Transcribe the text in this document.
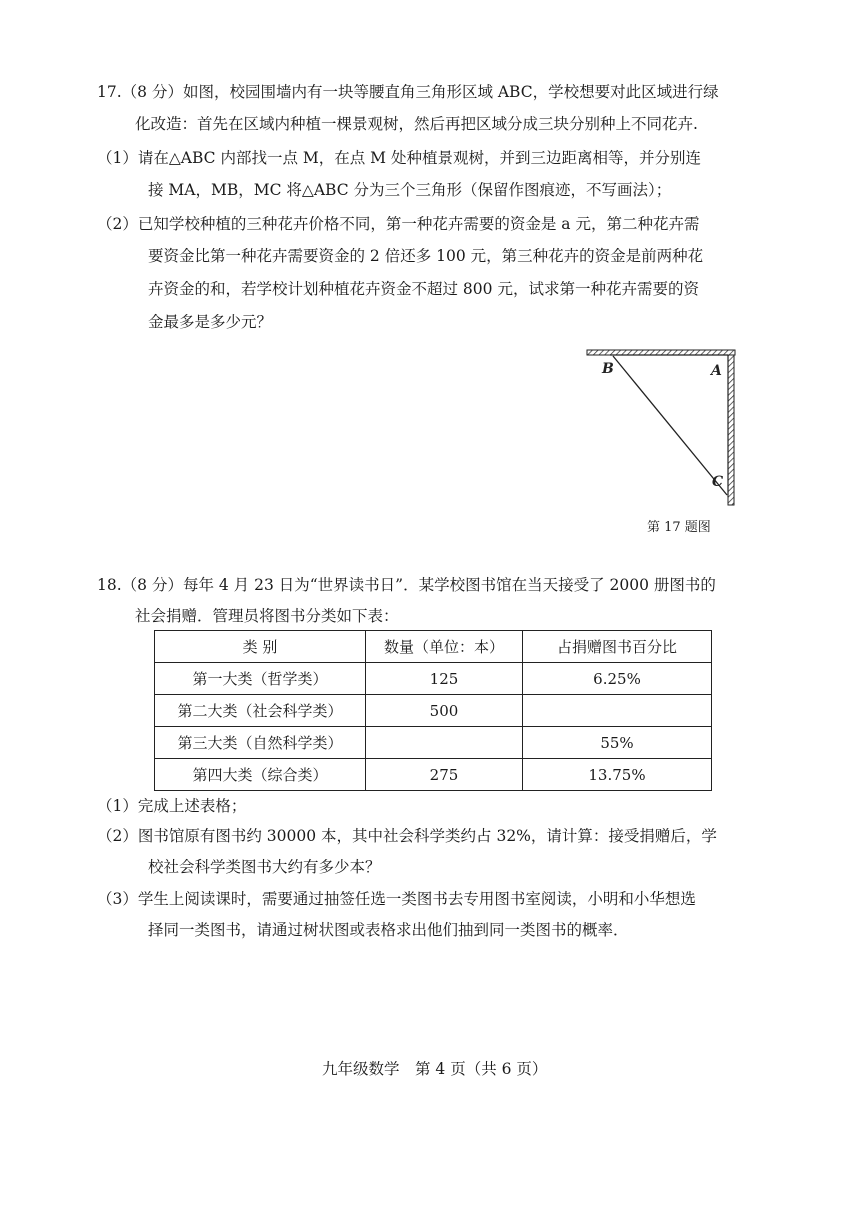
17.（8 分）如图，校园围墙内有一块等腰直角三角形区域 ABC，学校想要对此区域进行绿
化改造：首先在区域内种植一棵景观树，然后再把区域分成三块分别种上不同花卉.
（1）请在△ABC 内部找一点 M，在点 M 处种植景观树，并到三边距离相等，并分别连
接 MA，MB，MC 将△ABC 分为三个三角形（保留作图痕迹，不写画法）；
（2）已知学校种植的三种花卉价格不同，第一种花卉需要的资金是 a 元，第二种花卉需
要资金比第一种花卉需要资金的 2 倍还多 100 元，第三种花卉的资金是前两种花
卉资金的和，若学校计划种植花卉资金不超过 800 元，试求第一种花卉需要的资
金最多是多少元？
B	A
C
第 17 题图
18.（8 分）每年 4 月 23 日为“世界读书日”．某学校图书馆在当天接受了 2000 册图书的
社会捐赠．管理员将图书分类如下表：
类 别	数量（单位：本）	占捐赠图书百分比
第一大类（哲学类）	125	6.25%
第二大类（社会科学类）	500	
第三大类（自然科学类）		55%
第四大类（综合类）	275	13.75%
（1）完成上述表格；
（2）图书馆原有图书约 30000 本，其中社会科学类约占 32%，请计算：接受捐赠后，学
校社会科学类图书大约有多少本？
（3）学生上阅读课时，需要通过抽签任选一类图书去专用图书室阅读，小明和小华想选
择同一类图书，请通过树状图或表格求出他们抽到同一类图书的概率．
九年级数学　第 4 页（共 6 页）
